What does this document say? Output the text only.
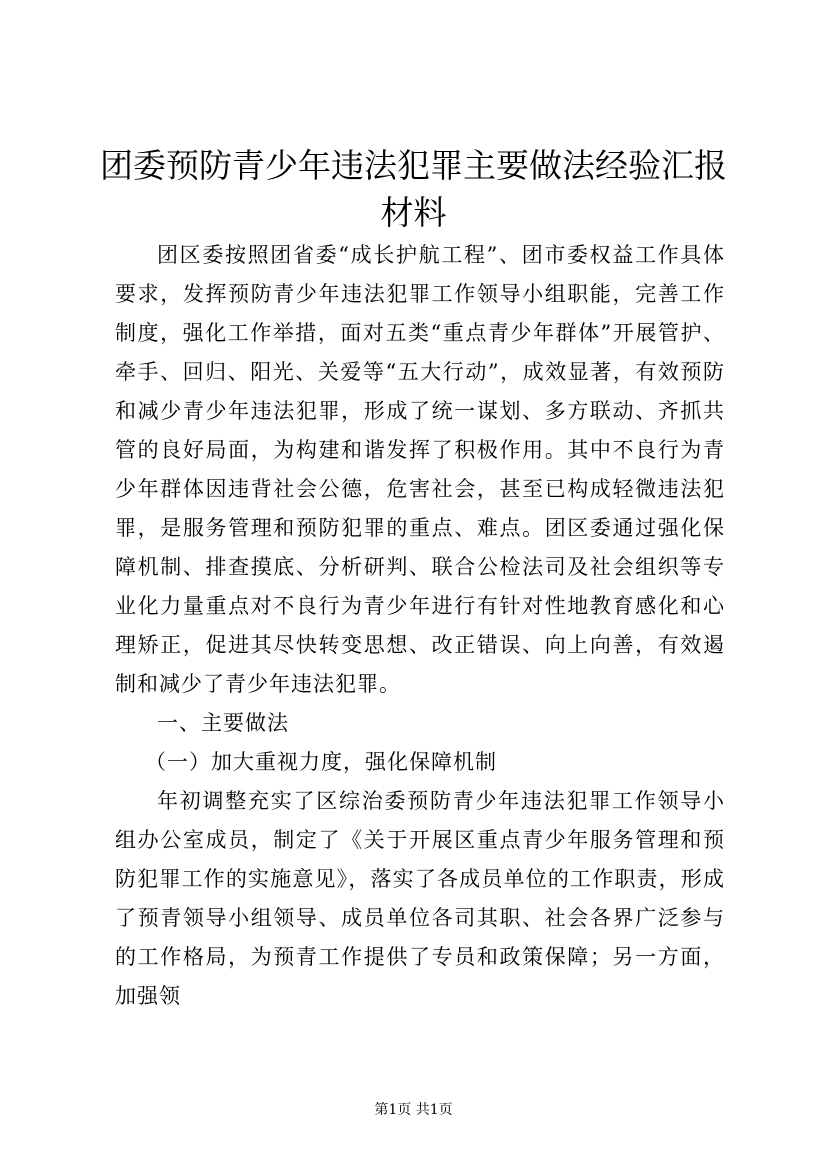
团委预防青少年违法犯罪主要做法经验汇报材料

团区委按照团省委“成长护航工程”、团市委权益工作具体要求，发挥预防青少年违法犯罪工作领导小组职能，完善工作制度，强化工作举措，面对五类“重点青少年群体”开展管护、牵手、回归、阳光、关爱等“五大行动”，成效显著，有效预防和减少青少年违法犯罪，形成了统一谋划、多方联动、齐抓共管的良好局面，为构建和谐发挥了积极作用。其中不良行为青少年群体因违背社会公德，危害社会，甚至已构成轻微违法犯罪，是服务管理和预防犯罪的重点、难点。团区委通过强化保障机制、排查摸底、分析研判、联合公检法司及社会组织等专业化力量重点对不良行为青少年进行有针对性地教育感化和心理矫正，促进其尽快转变思想、改正错误、向上向善，有效遏制和减少了青少年违法犯罪。

一、主要做法

（一）加大重视力度，强化保障机制

年初调整充实了区综治委预防青少年违法犯罪工作领导小组办公室成员，制定了《关于开展区重点青少年服务管理和预防犯罪工作的实施意见》，落实了各成员单位的工作职责，形成了预青领导小组领导、成员单位各司其职、社会各界广泛参与的工作格局，为预青工作提供了专员和政策保障；另一方面，加强领

第1页 共1页
